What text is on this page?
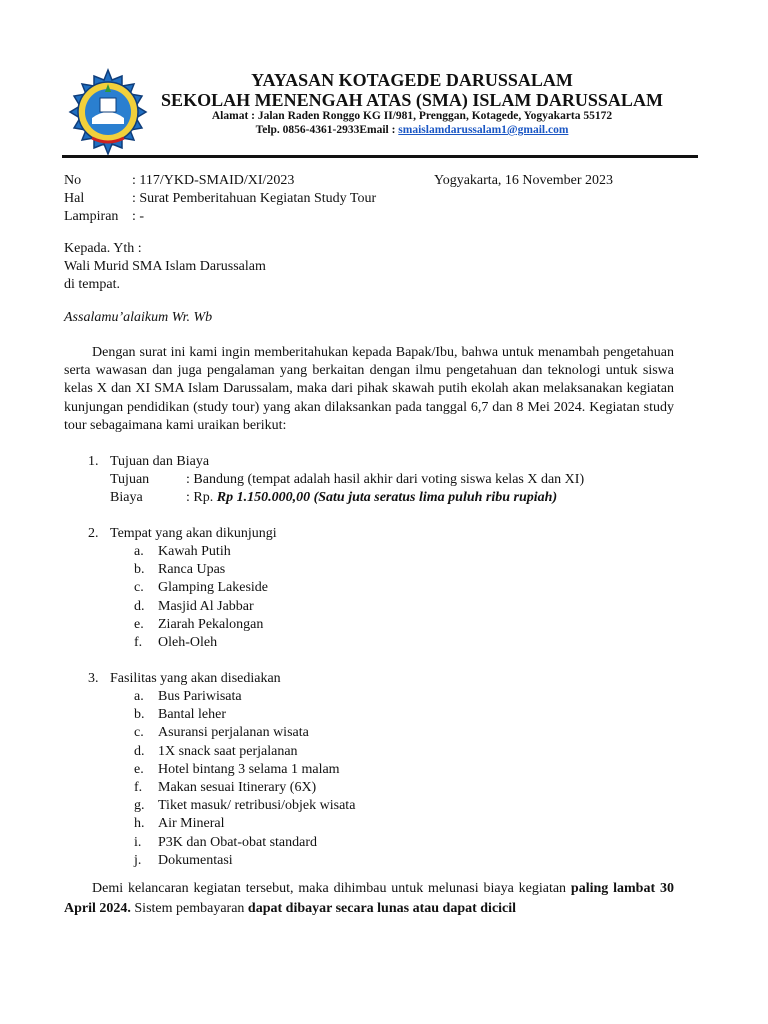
YAYASAN KOTAGEDE DARUSSALAM
SEKOLAH MENENGAH ATAS (SMA) ISLAM DARUSSALAM
Alamat : Jalan Raden Ronggo KG II/981, Prenggan, Kotagede, Yogyakarta 55172
Telp. 0856-4361-2933Email : smaislamdarussalam1@gmail.com
No	: 117/YKD-SMAID/XI/2023	Yogyakarta, 16 November 2023
Hal	: Surat Pemberitahuan Kegiatan Study Tour
Lampiran : -
Kepada. Yth :
Wali Murid SMA Islam Darussalam
di tempat.
Assalamu’alaikum Wr. Wb
Dengan surat ini kami ingin memberitahukan kepada Bapak/Ibu, bahwa untuk menambah pengetahuan serta wawasan dan juga pengalaman yang berkaitan dengan ilmu pengetahuan dan teknologi untuk siswa kelas X dan XI SMA Islam Darussalam, maka dari pihak skawah putih ekolah akan melaksanakan kegiatan kunjungan pendidikan (study tour) yang akan dilaksankan pada tanggal 6,7 dan 8 Mei 2024. Kegiatan study tour sebagaimana kami uraikan berikut:
1. Tujuan dan Biaya
Tujuan	: Bandung (tempat adalah hasil akhir dari voting siswa kelas X dan XI)
Biaya	: Rp. Rp 1.150.000,00 (Satu juta seratus lima puluh ribu rupiah)
2. Tempat yang akan dikunjungi
a. Kawah Putih
b. Ranca Upas
c. Glamping Lakeside
d. Masjid Al Jabbar
e. Ziarah Pekalongan
f. Oleh-Oleh
3. Fasilitas yang akan disediakan
a. Bus Pariwisata
b. Bantal leher
c. Asuransi perjalanan wisata
d. 1X snack saat perjalanan
e. Hotel bintang 3 selama 1 malam
f. Makan sesuai Itinerary (6X)
g. Tiket masuk/ retribusi/objek wisata
h. Air Mineral
i. P3K dan Obat-obat standard
j. Dokumentasi
Demi kelancaran kegiatan tersebut, maka dihimbau untuk melunasi biaya kegiatan paling lambat 30 April 2024. Sistem pembayaran dapat dibayar secara lunas atau dapat dicicil
